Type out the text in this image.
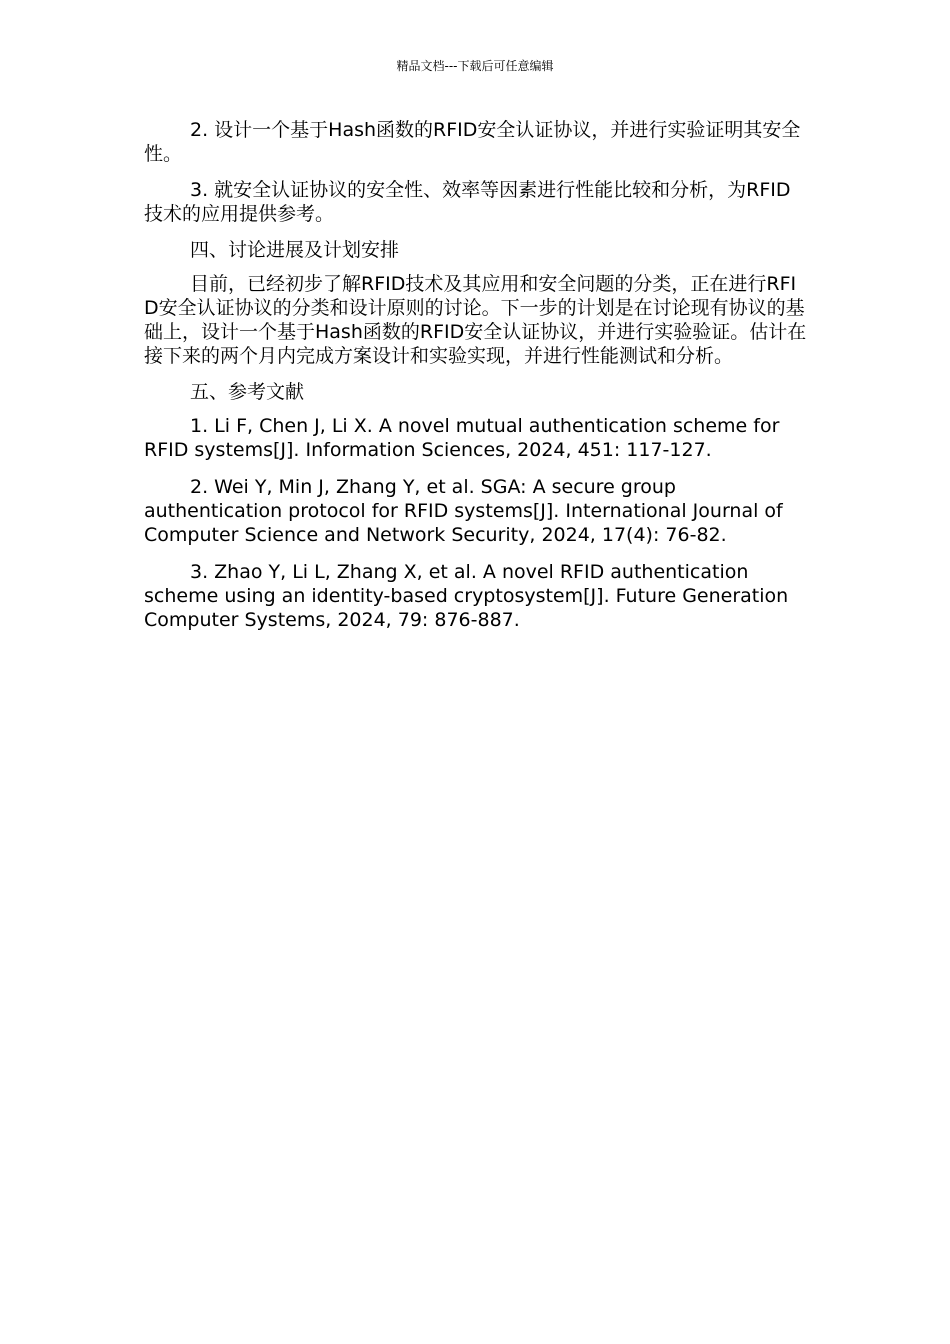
精品文档---下载后可任意编辑

2. 设计一个基于Hash函数的RFID安全认证协议，并进行实验证明其安全性。

3. 就安全认证协议的安全性、效率等因素进行性能比较和分析，为RFID技术的应用提供参考。

四、讨论进展及计划安排

目前，已经初步了解RFID技术及其应用和安全问题的分类，正在进行RFID安全认证协议的分类和设计原则的讨论。下一步的计划是在讨论现有协议的基础上，设计一个基于Hash函数的RFID安全认证协议，并进行实验验证。估计在接下来的两个月内完成方案设计和实验实现，并进行性能测试和分析。

五、参考文献

1. Li F, Chen J, Li X. A novel mutual authentication scheme for RFID systems[J]. Information Sciences, 2024, 451: 117-127.

2. Wei Y, Min J, Zhang Y, et al. SGA: A secure group authentication protocol for RFID systems[J]. International Journal of Computer Science and Network Security, 2024, 17(4): 76-82.

3. Zhao Y, Li L, Zhang X, et al. A novel RFID authentication scheme using an identity-based cryptosystem[J]. Future Generation Computer Systems, 2024, 79: 876-887.
